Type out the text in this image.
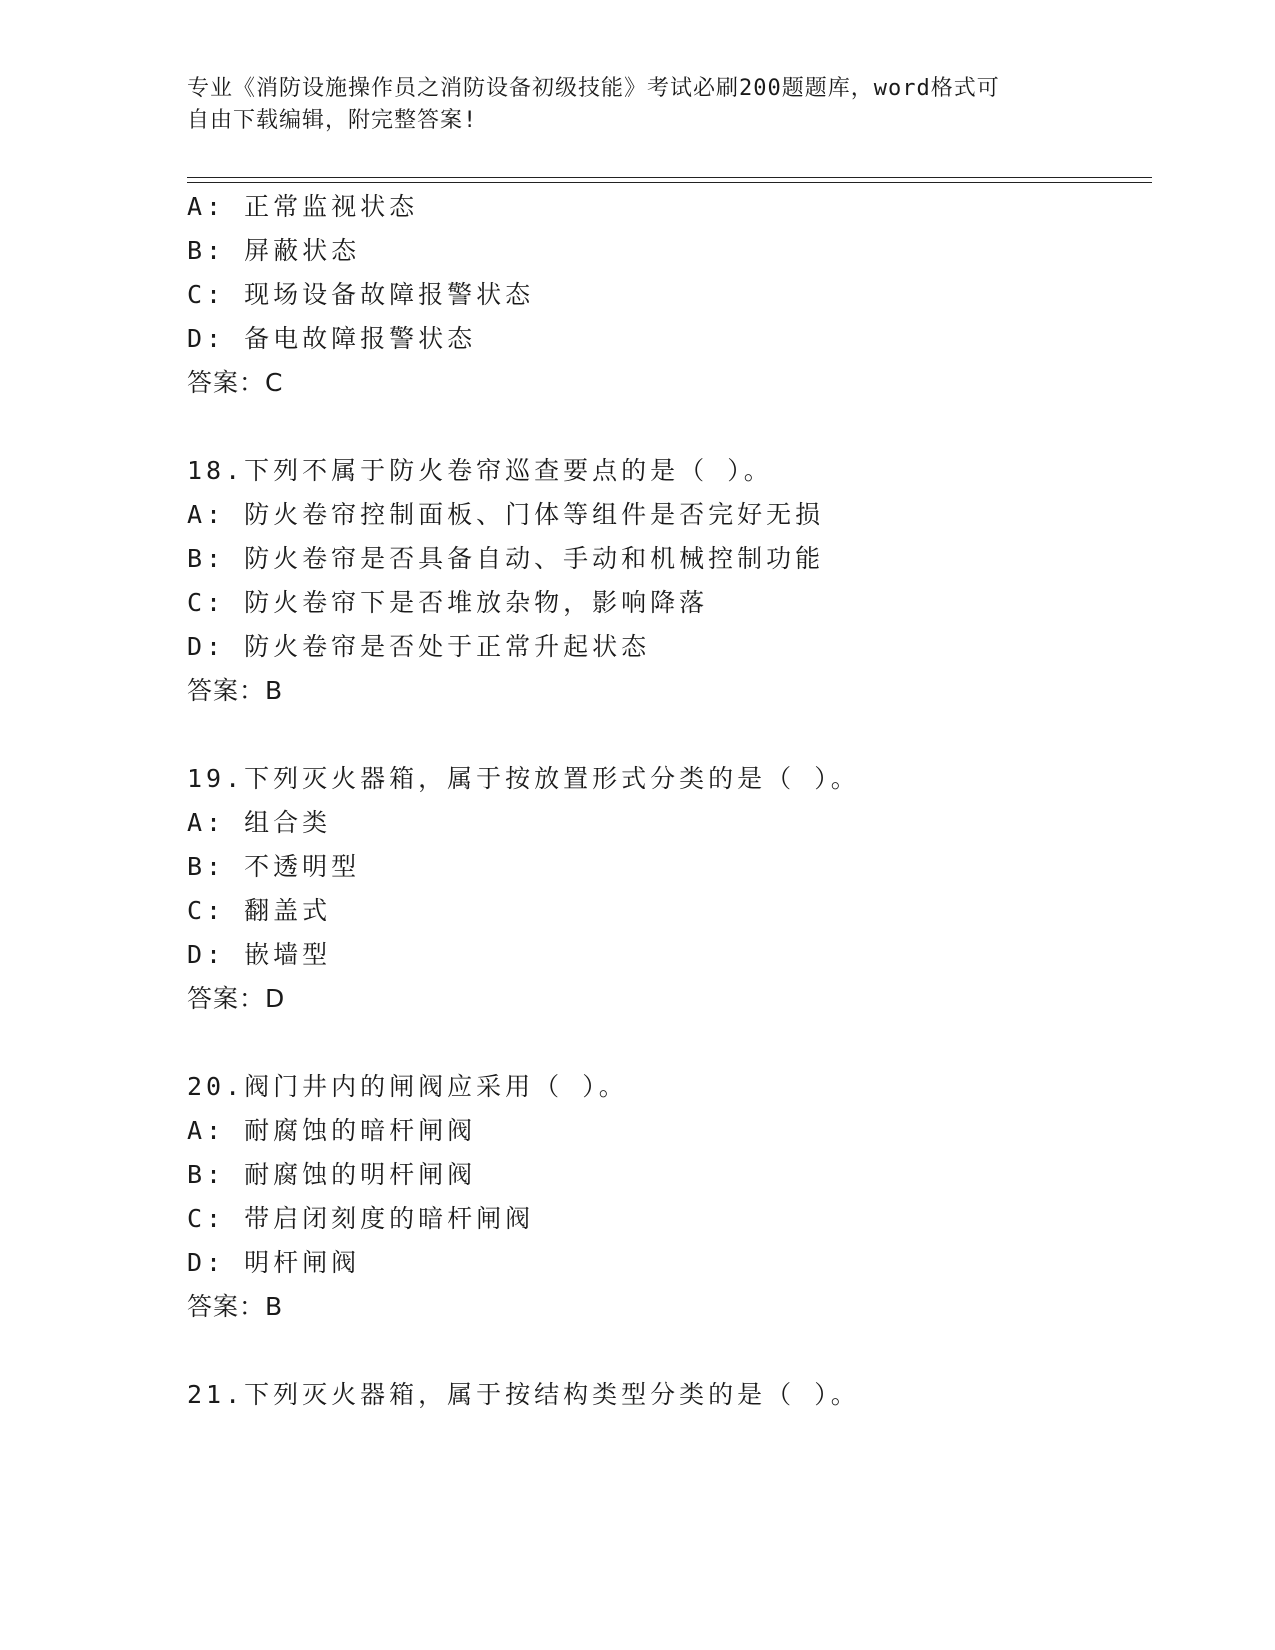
专业《消防设施操作员之消防设备初级技能》考试必刷200题题库，word格式可
自由下载编辑，附完整答案!
A: 正常监视状态
B: 屏蔽状态
C: 现场设备故障报警状态
D: 备电故障报警状态
答案：C
18.下列不属于防火卷帘巡查要点的是（ ）。
A: 防火卷帘控制面板、门体等组件是否完好无损
B: 防火卷帘是否具备自动、手动和机械控制功能
C: 防火卷帘下是否堆放杂物，影响降落
D: 防火卷帘是否处于正常升起状态
答案：B
19.下列灭火器箱，属于按放置形式分类的是（ ）。
A: 组合类
B: 不透明型
C: 翻盖式
D: 嵌墙型
答案：D
20.阀门井内的闸阀应采用（ ）。
A: 耐腐蚀的暗杆闸阀
B: 耐腐蚀的明杆闸阀
C: 带启闭刻度的暗杆闸阀
D: 明杆闸阀
答案：B
21.下列灭火器箱，属于按结构类型分类的是（ ）。
